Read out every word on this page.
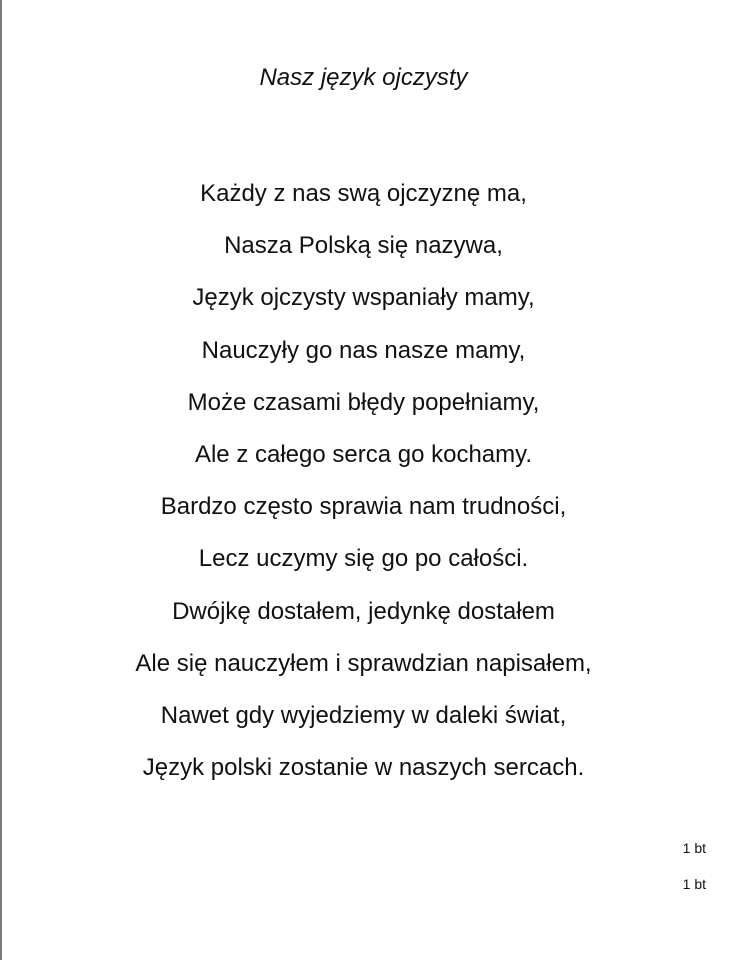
Nasz język ojczysty
Każdy z nas swą ojczyznę ma,
Nasza Polską się nazywa,
Język ojczysty wspaniały mamy,
Nauczyły go nas nasze mamy,
Może czasami błędy popełniamy,
Ale z całego serca go kochamy.
Bardzo często sprawia nam trudności,
Lecz uczymy się go po całości.
Dwójkę dostałem, jedynkę dostałem
Ale się nauczyłem i sprawdzian napisałem,
Nawet gdy wyjedziemy w daleki świat,
Język polski zostanie w naszych sercach.
1 bt
1 bt
